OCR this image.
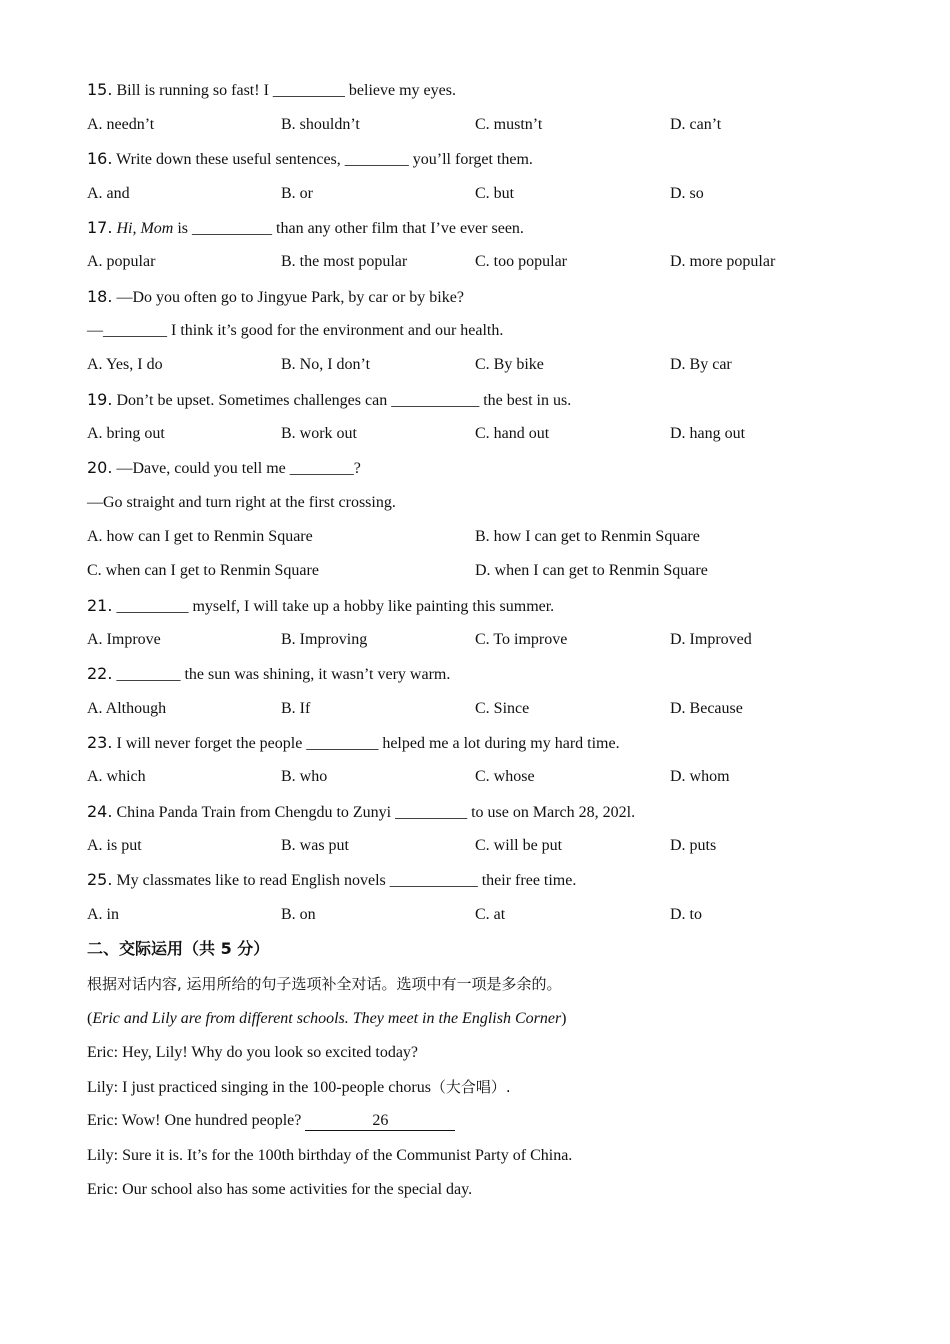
15. Bill is running so fast! I _________ believe my eyes.
A. needn’t	B. shouldn’t	C. mustn’t	D. can’t
16. Write down these useful sentences, ________ you’ll forget them.
A. and	B. or	C. but	D. so
17. Hi, Mom is __________ than any other film that I’ve ever seen.
A. popular	B. the most popular	C. too popular	D. more popular
18. —Do you often go to Jingyue Park, by car or by bike?
—________ I think it’s good for the environment and our health.
A. Yes, I do	B. No, I don’t	C. By bike	D. By car
19. Don’t be upset. Sometimes challenges can ___________ the best in us.
A. bring out	B. work out	C. hand out	D. hang out
20. —Dave, could you tell me ________?
—Go straight and turn right at the first crossing.
A. how can I get to Renmin Square	B. how I can get to Renmin Square
C. when can I get to Renmin Square	D. when I can get to Renmin Square
21. _________ myself, I will take up a hobby like painting this summer.
A. Improve	B. Improving	C. To improve	D. Improved
22. ________ the sun was shining, it wasn’t very warm.
A. Although	B. If	C. Since	D. Because
23. I will never forget the people _________ helped me a lot during my hard time.
A. which	B. who	C. whose	D. whom
24. China Panda Train from Chengdu to Zunyi _________ to use on March 28, 202l.
A. is put	B. was put	C. will be put	D. puts
25. My classmates like to read English novels ___________ their free time.
A. in	B. on	C. at	D. to
二、交际运用（共 5 分）
根据对话内容, 运用所给的句子选项补全对话。选项中有一项是多余的。
(Eric and Lily are from different schools. They meet in the English Corner)
Eric: Hey, Lily! Why do you look so excited today?
Lily: I just practiced singing in the 100-people chorus（大合唱）.
Eric: Wow! One hundred people?	26
Lily: Sure it is. It’s for the 100th birthday of the Communist Party of China.
Eric: Our school also has some activities for the special day.
